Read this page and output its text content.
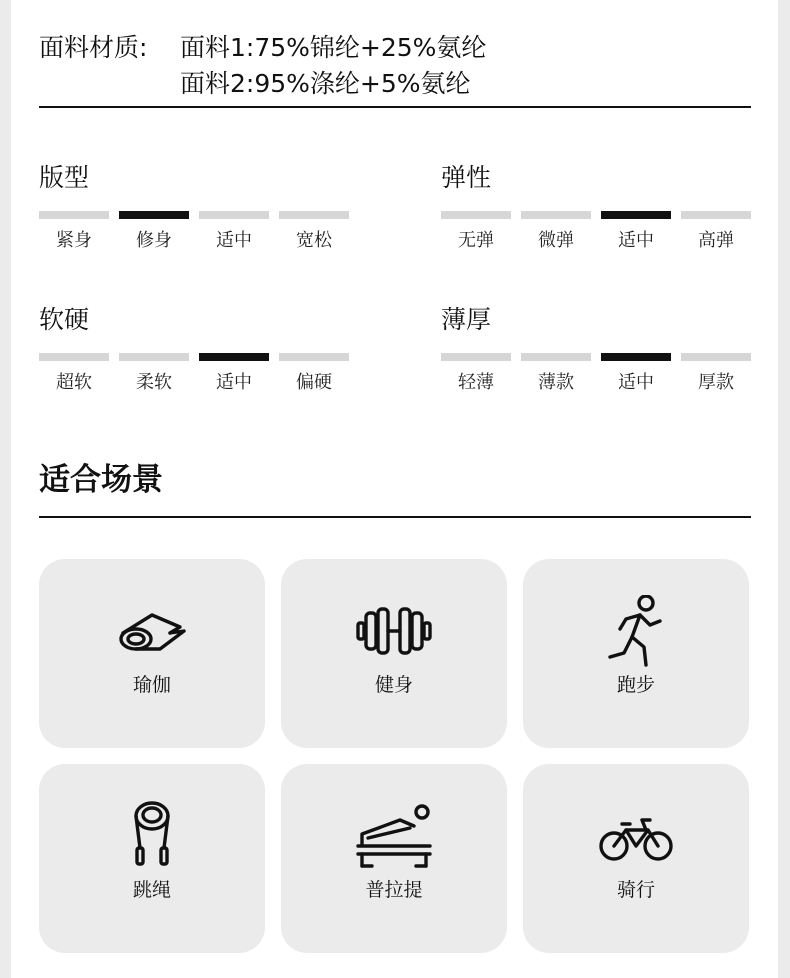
面料材质:	面料1:75%锦纶+25%氨纶
面料2:95%涤纶+5%氨纶
版型
紧身	修身	适中	宽松
弹性
无弹	微弹	适中	高弹
软硬
超软	柔软	适中	偏硬
薄厚
轻薄	薄款	适中	厚款
适合场景
瑜伽	健身	跑步
跳绳	普拉提	骑行
